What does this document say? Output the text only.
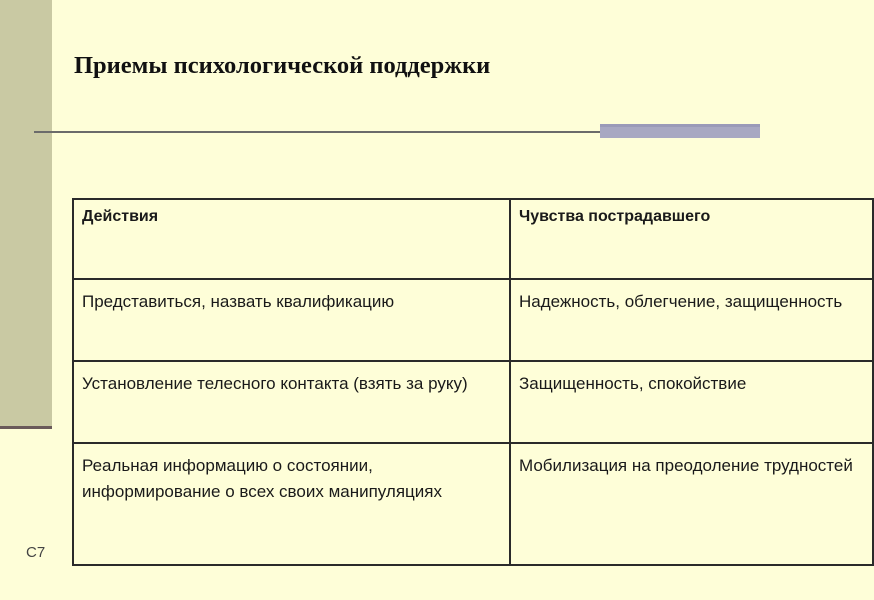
Приемы психологической поддержки
Действия	Чувства пострадавшего
Представиться, назвать квалификацию	Надежность, облегчение, защищенность
Установление телесного контакта (взять за руку)	Защищенность, спокойствие
Реальная информацию о состоянии, информирование о всех своих манипуляциях	Мобилизация на преодоление трудностей
С7
